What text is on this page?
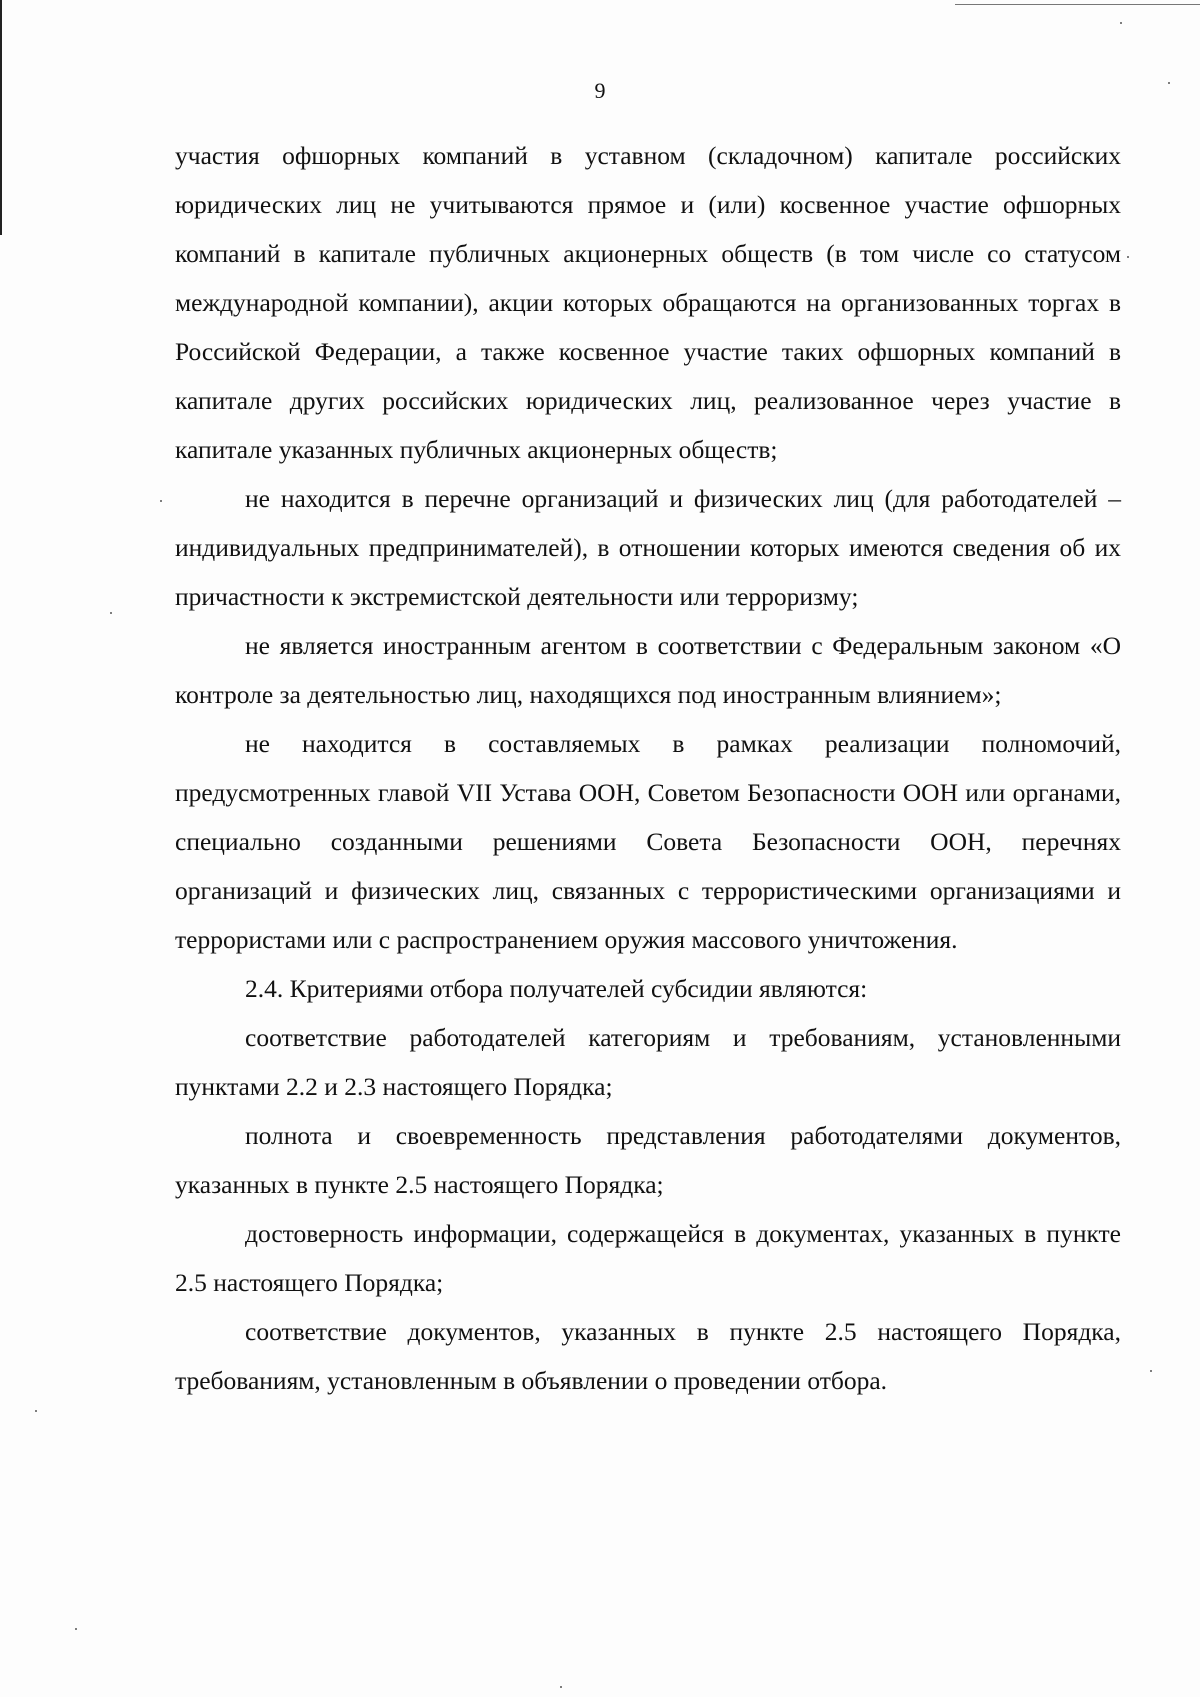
9

участия офшорных компаний в уставном (складочном) капитале российских юридических лиц не учитываются прямое и (или) косвенное участие офшорных компаний в капитале публичных акционерных обществ (в том числе со статусом международной компании), акции которых обращаются на организованных торгах в Российской Федерации, а также косвенное участие таких офшорных компаний в капитале других российских юридических лиц, реализованное через участие в капитале указанных публичных акционерных обществ;

не находится в перечне организаций и физических лиц (для работодателей – индивидуальных предпринимателей), в отношении которых имеются сведения об их причастности к экстремистской деятельности или терроризму;

не является иностранным агентом в соответствии с Федеральным законом «О контроле за деятельностью лиц, находящихся под иностранным влиянием»;

не находится в составляемых в рамках реализации полномочий, предусмотренных главой VII Устава ООН, Советом Безопасности ООН или органами, специально созданными решениями Совета Безопасности ООН, перечнях организаций и физических лиц, связанных с террористическими организациями и террористами или с распространением оружия массового уничтожения.

2.4. Критериями отбора получателей субсидии являются:

соответствие работодателей категориям и требованиям, установленными пунктами 2.2 и 2.3 настоящего Порядка;

полнота и своевременность представления работодателями документов, указанных в пункте 2.5 настоящего Порядка;

достоверность информации, содержащейся в документах, указанных в пункте 2.5 настоящего Порядка;

соответствие документов, указанных в пункте 2.5 настоящего Порядка, требованиям, установленным в объявлении о проведении отбора.
